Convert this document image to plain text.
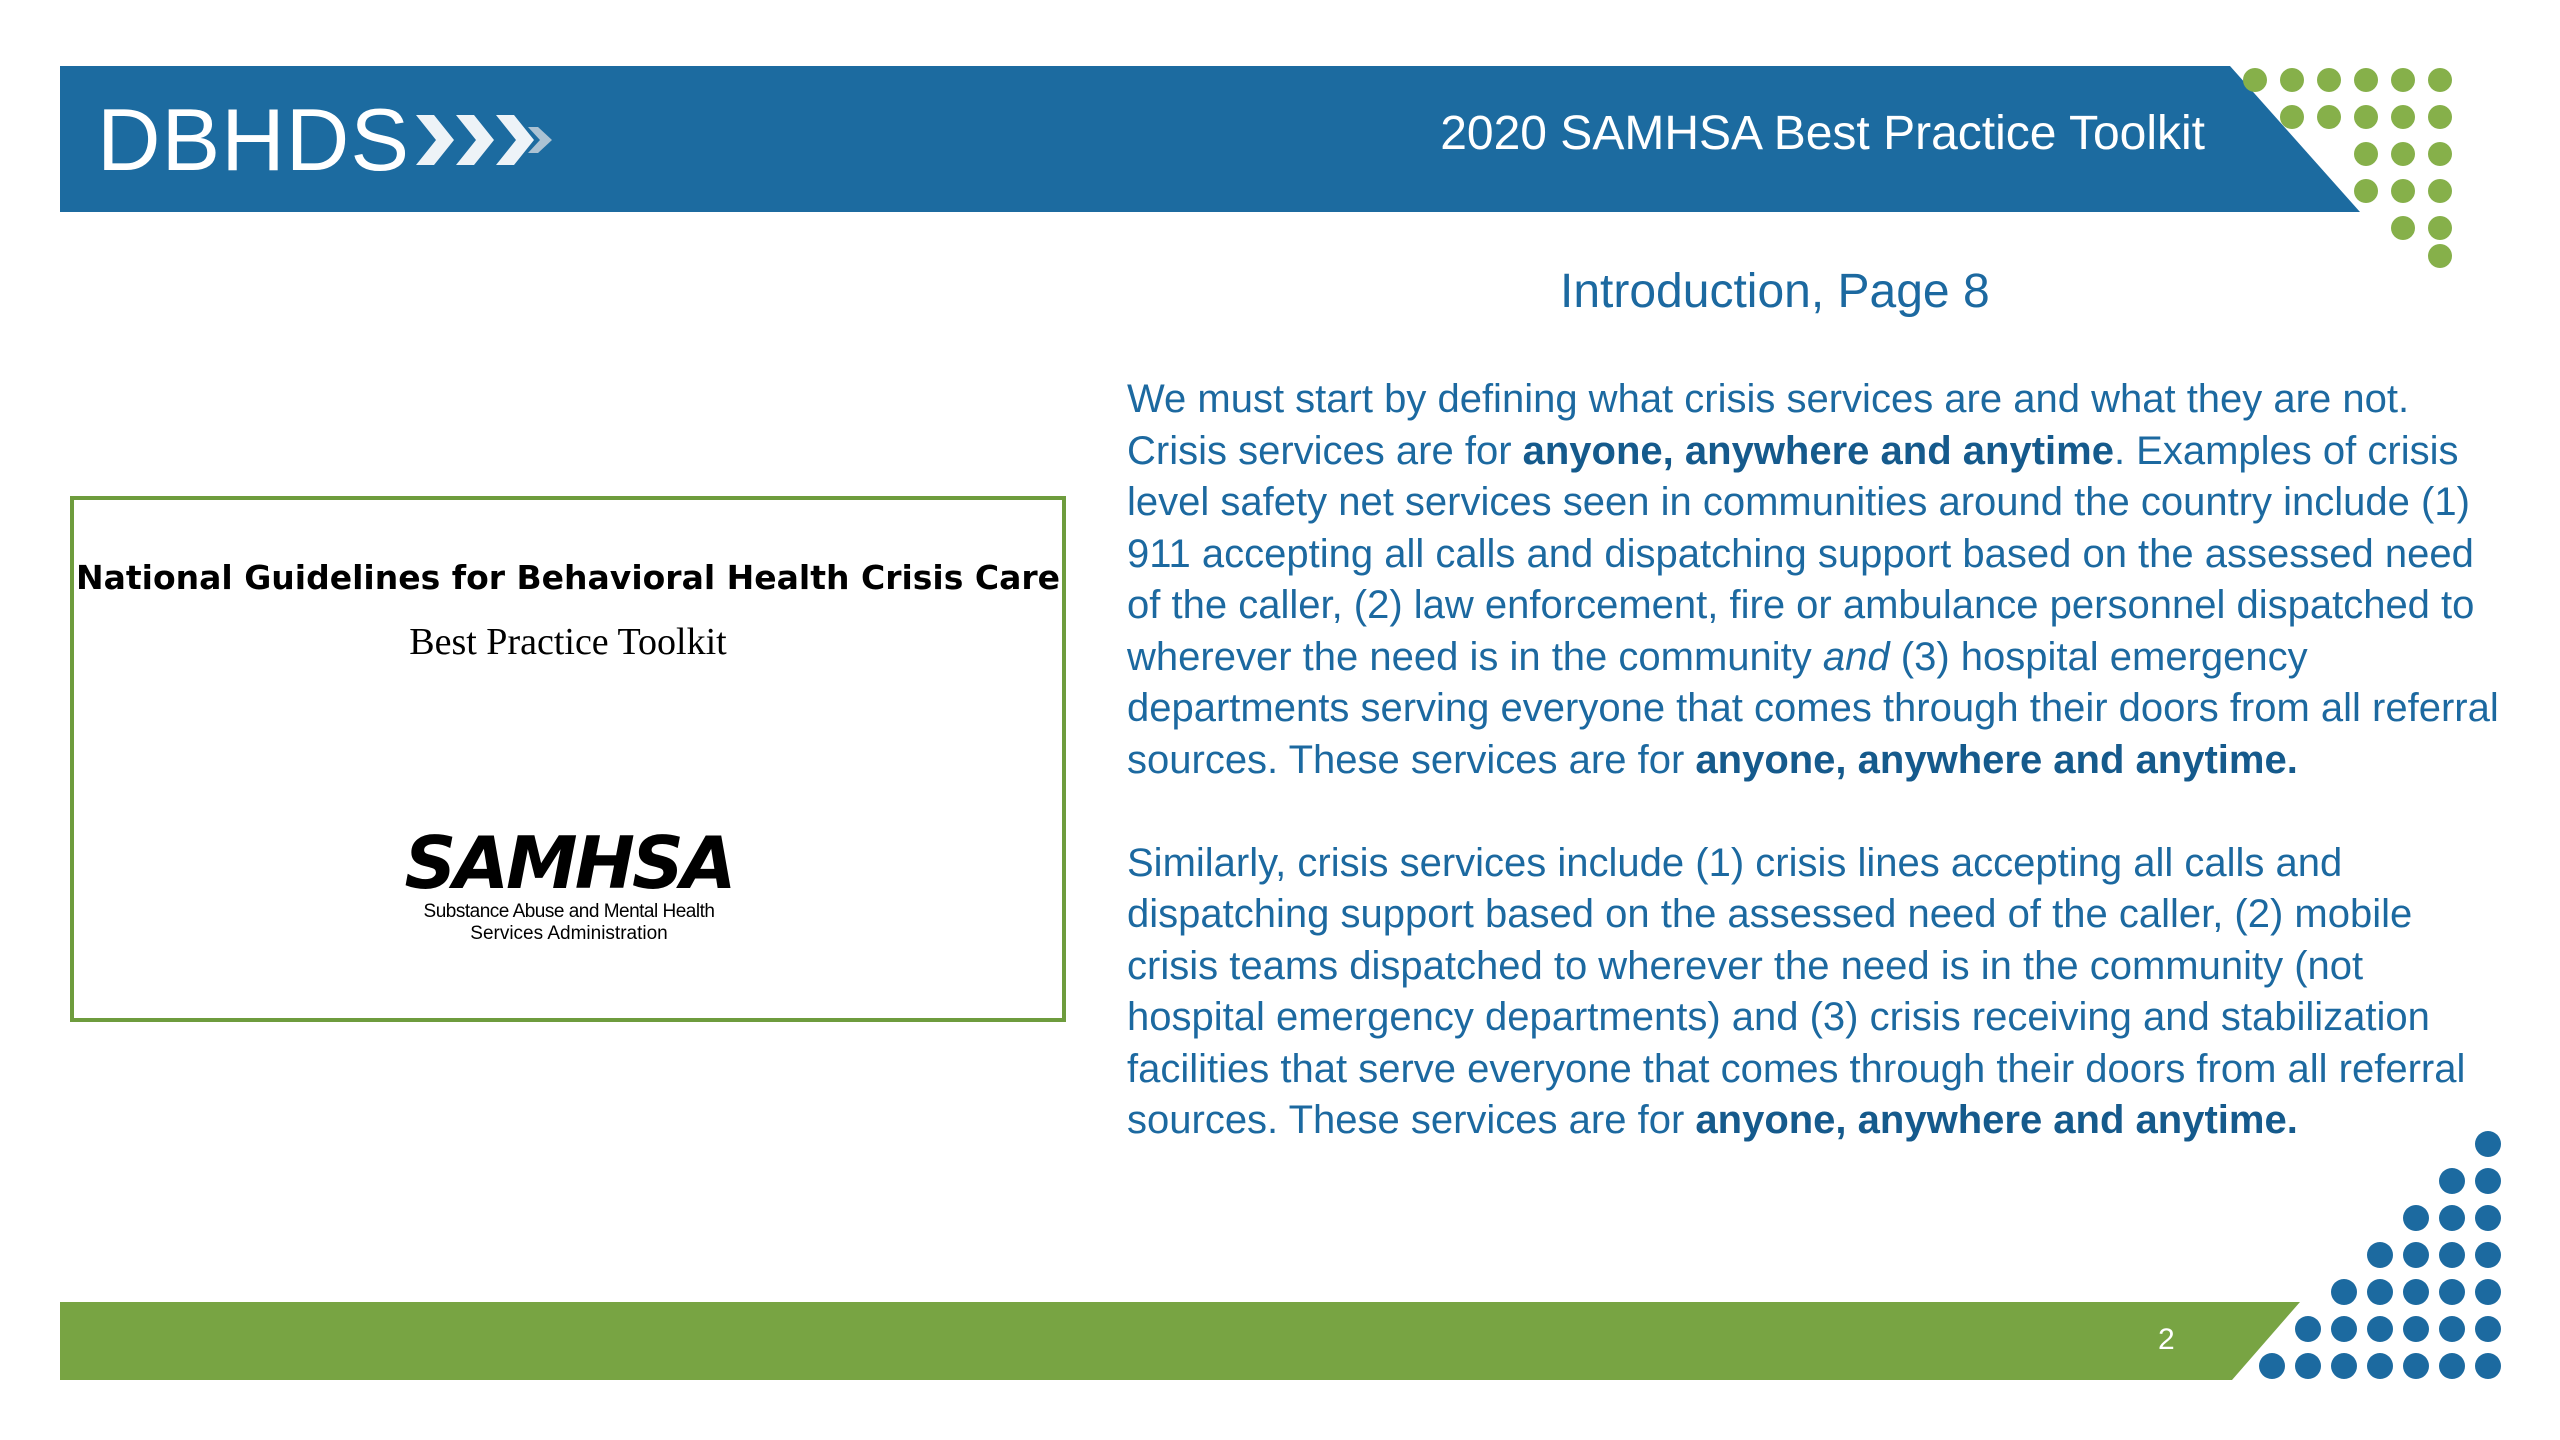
DBHDS	2020 SAMHSA Best Practice Toolkit
National Guidelines for Behavioral Health Crisis Care
Best Practice Toolkit
SAMHSA
Substance Abuse and Mental Health
Services Administration
Introduction, Page 8

We must start by defining what crisis services are and what they are not. Crisis services are for anyone, anywhere and anytime. Examples of crisis level safety net services seen in communities around the country include (1) 911 accepting all calls and dispatching support based on the assessed need of the caller, (2) law enforcement, fire or ambulance personnel dispatched to wherever the need is in the community and (3) hospital emergency departments serving everyone that comes through their doors from all referral sources. These services are for anyone, anywhere and anytime.

Similarly, crisis services include (1) crisis lines accepting all calls and dispatching support based on the assessed need of the caller, (2) mobile crisis teams dispatched to wherever the need is in the community (not hospital emergency departments) and (3) crisis receiving and stabilization facilities that serve everyone that comes through their doors from all referral sources. These services are for anyone, anywhere and anytime.

2
